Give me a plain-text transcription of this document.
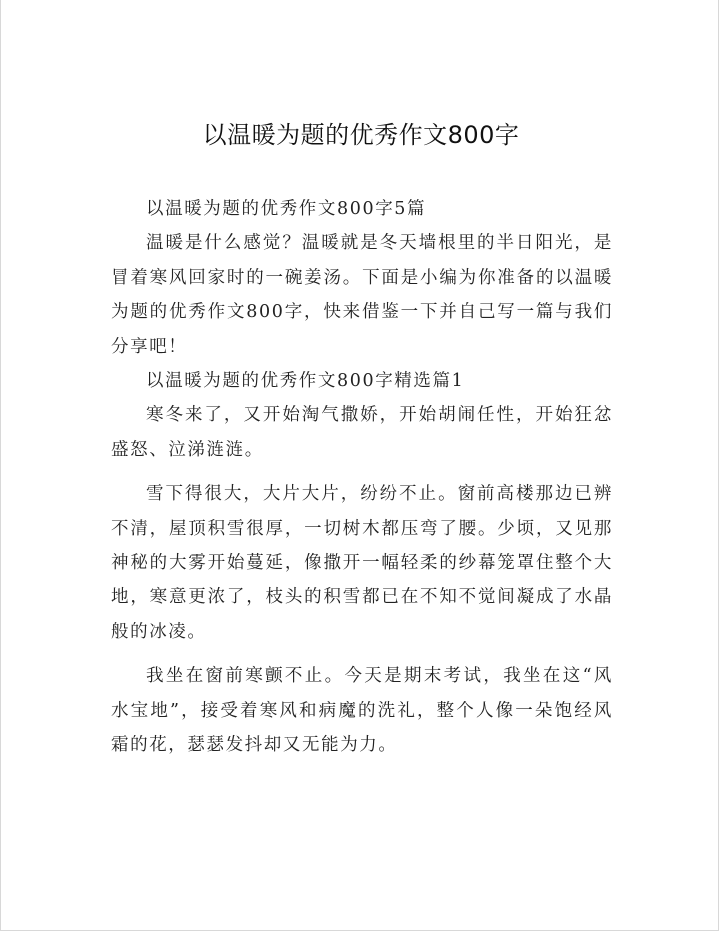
以温暖为题的优秀作文800字

以温暖为题的优秀作文800字5篇

温暖是什么感觉？温暖就是冬天墙根里的半日阳光，是冒着寒风回家时的一碗姜汤。下面是小编为你准备的以温暖为题的优秀作文800字，快来借鉴一下并自己写一篇与我们分享吧！

以温暖为题的优秀作文800字精选篇1

寒冬来了，又开始淘气撒娇，开始胡闹任性，开始狂忿盛怒、泣涕涟涟。

雪下得很大，大片大片，纷纷不止。窗前高楼那边已辨不清，屋顶积雪很厚，一切树木都压弯了腰。少顷，又见那神秘的大雾开始蔓延，像撒开一幅轻柔的纱幕笼罩住整个大地，寒意更浓了，枝头的积雪都已在不知不觉间凝成了水晶般的冰凌。

我坐在窗前寒颤不止。今天是期末考试，我坐在这“风水宝地”，接受着寒风和病魔的洗礼，整个人像一朵饱经风霜的花，瑟瑟发抖却又无能为力。
